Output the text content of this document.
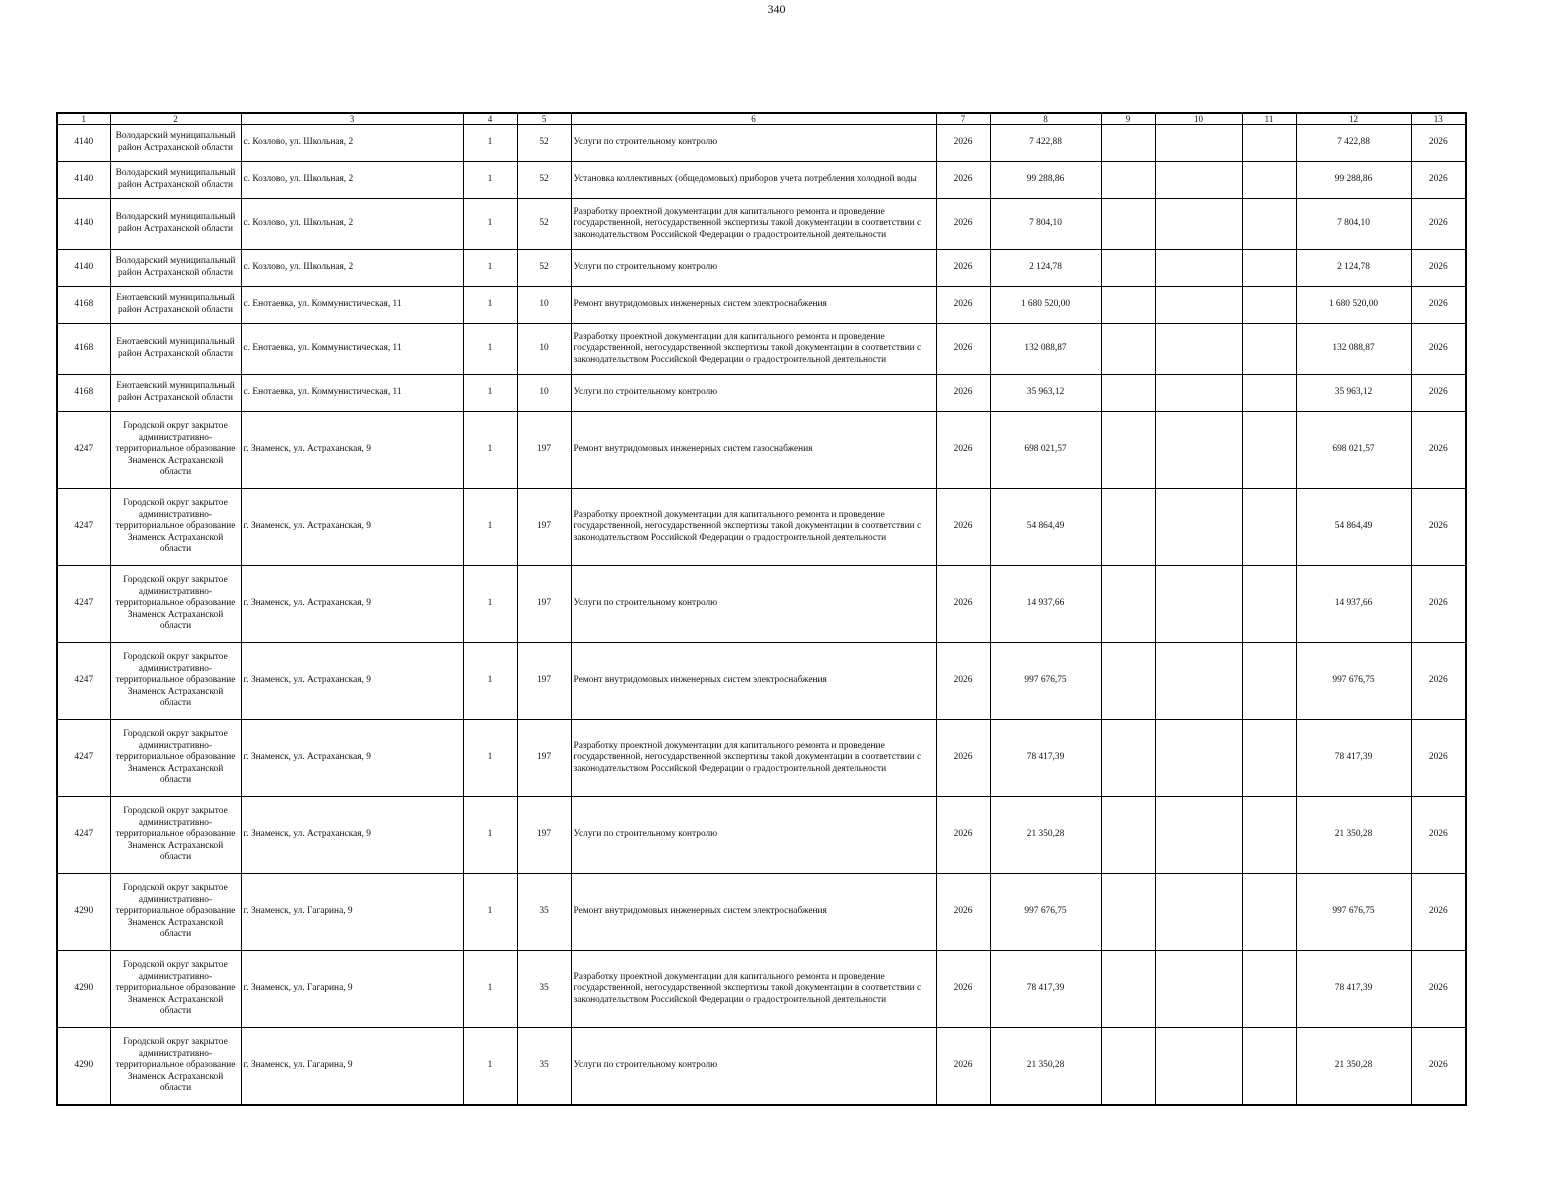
340
1	2	3	4	5	6	7	8	9	10	11	12	13
4140	Володарский муниципальный район Астраханской области	с. Козлово, ул. Школьная, 2	1	52	Услуги по строительному контролю	2026	7 422,88				7 422,88	2026
4140	Володарский муниципальный район Астраханской области	с. Козлово, ул. Школьная, 2	1	52	Установка коллективных (общедомовых) приборов учета потребления холодной воды	2026	99 288,86				99 288,86	2026
4140	Володарский муниципальный район Астраханской области	с. Козлово, ул. Школьная, 2	1	52	Разработку проектной документации для капитального ремонта и проведение государственной, негосударственной экспертизы такой документации в соответствии с законодательством Российской Федерации о градостроительной деятельности	2026	7 804,10				7 804,10	2026
4140	Володарский муниципальный район Астраханской области	с. Козлово, ул. Школьная, 2	1	52	Услуги по строительному контролю	2026	2 124,78				2 124,78	2026
4168	Енотаевский муниципальный район Астраханской области	с. Енотаевка, ул. Коммунистическая, 11	1	10	Ремонт внутридомовых инженерных систем электроснабжения	2026	1 680 520,00				1 680 520,00	2026
4168	Енотаевский муниципальный район Астраханской области	с. Енотаевка, ул. Коммунистическая, 11	1	10	Разработку проектной документации для капитального ремонта и проведение государственной, негосударственной экспертизы такой документации в соответствии с законодательством Российской Федерации о градостроительной деятельности	2026	132 088,87				132 088,87	2026
4168	Енотаевский муниципальный район Астраханской области	с. Енотаевка, ул. Коммунистическая, 11	1	10	Услуги по строительному контролю	2026	35 963,12				35 963,12	2026
4247	Городской округ закрытое административно-территориальное образование Знаменск Астраханской области	г. Знаменск, ул. Астраханская, 9	1	197	Ремонт внутридомовых инженерных систем газоснабжения	2026	698 021,57				698 021,57	2026
4247	Городской округ закрытое административно-территориальное образование Знаменск Астраханской области	г. Знаменск, ул. Астраханская, 9	1	197	Разработку проектной документации для капитального ремонта и проведение государственной, негосударственной экспертизы такой документации в соответствии с законодательством Российской Федерации о градостроительной деятельности	2026	54 864,49				54 864,49	2026
4247	Городской округ закрытое административно-территориальное образование Знаменск Астраханской области	г. Знаменск, ул. Астраханская, 9	1	197	Услуги по строительному контролю	2026	14 937,66				14 937,66	2026
4247	Городской округ закрытое административно-территориальное образование Знаменск Астраханской области	г. Знаменск, ул. Астраханская, 9	1	197	Ремонт внутридомовых инженерных систем электроснабжения	2026	997 676,75				997 676,75	2026
4247	Городской округ закрытое административно-территориальное образование Знаменск Астраханской области	г. Знаменск, ул. Астраханская, 9	1	197	Разработку проектной документации для капитального ремонта и проведение государственной, негосударственной экспертизы такой документации в соответствии с законодательством Российской Федерации о градостроительной деятельности	2026	78 417,39				78 417,39	2026
4247	Городской округ закрытое административно-территориальное образование Знаменск Астраханской области	г. Знаменск, ул. Астраханская, 9	1	197	Услуги по строительному контролю	2026	21 350,28				21 350,28	2026
4290	Городской округ закрытое административно-территориальное образование Знаменск Астраханской области	г. Знаменск, ул. Гагарина, 9	1	35	Ремонт внутридомовых инженерных систем электроснабжения	2026	997 676,75				997 676,75	2026
4290	Городской округ закрытое административно-территориальное образование Знаменск Астраханской области	г. Знаменск, ул. Гагарина, 9	1	35	Разработку проектной документации для капитального ремонта и проведение государственной, негосударственной экспертизы такой документации в соответствии с законодательством Российской Федерации о градостроительной деятельности	2026	78 417,39				78 417,39	2026
4290	Городской округ закрытое административно-территориальное образование Знаменск Астраханской области	г. Знаменск, ул. Гагарина, 9	1	35	Услуги по строительному контролю	2026	21 350,28				21 350,28	2026
